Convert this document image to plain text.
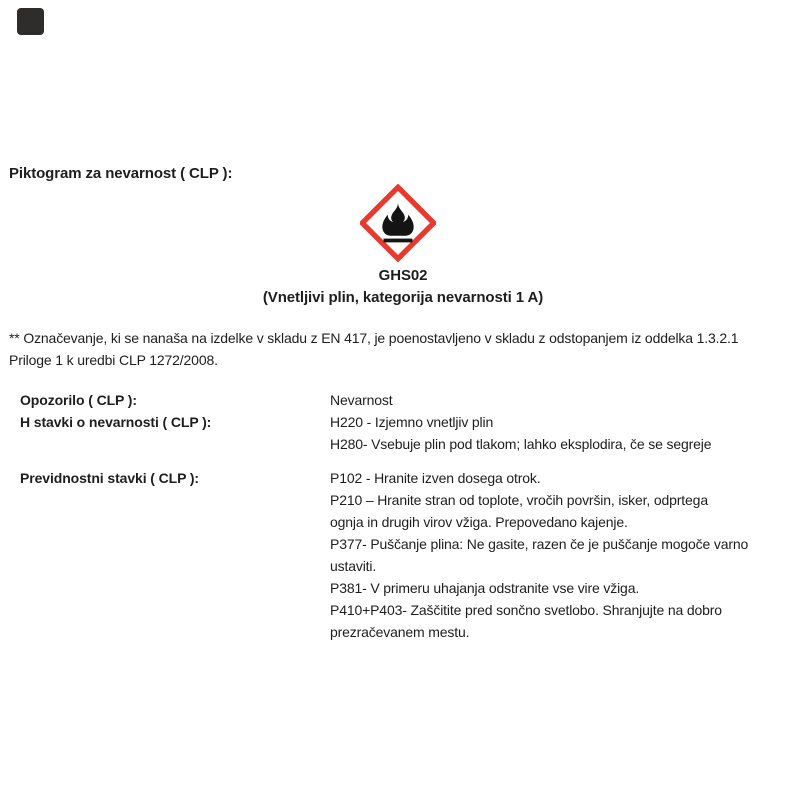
Piktogram za nevarnost ( CLP ):
GHS02
(Vnetljivi plin, kategorija nevarnosti 1 A)
** Označevanje, ki se nanaša na izdelke v skladu z EN 417, je poenostavljeno v skladu z odstopanjem iz oddelka 1.3.2.1
Priloge 1 k uredbi CLP 1272/2008.
Opozorilo ( CLP ):	Nevarnost
H stavki o nevarnosti ( CLP ):	H220 - Izjemno vnetljiv plin
H280- Vsebuje plin pod tlakom; lahko eksplodira, če se segreje
Previdnostni stavki ( CLP ):	P102 - Hranite izven dosega otrok.
P210 – Hranite stran od toplote, vročih površin, isker, odprtega
ognja in drugih virov vžiga. Prepovedano kajenje.
P377- Puščanje plina: Ne gasite, razen če je puščanje mogoče varno
ustaviti.
P381- V primeru uhajanja odstranite vse vire vžiga.
P410+P403- Zaščitite pred sončno svetlobo. Shranjujte na dobro
prezračevanem mestu.
